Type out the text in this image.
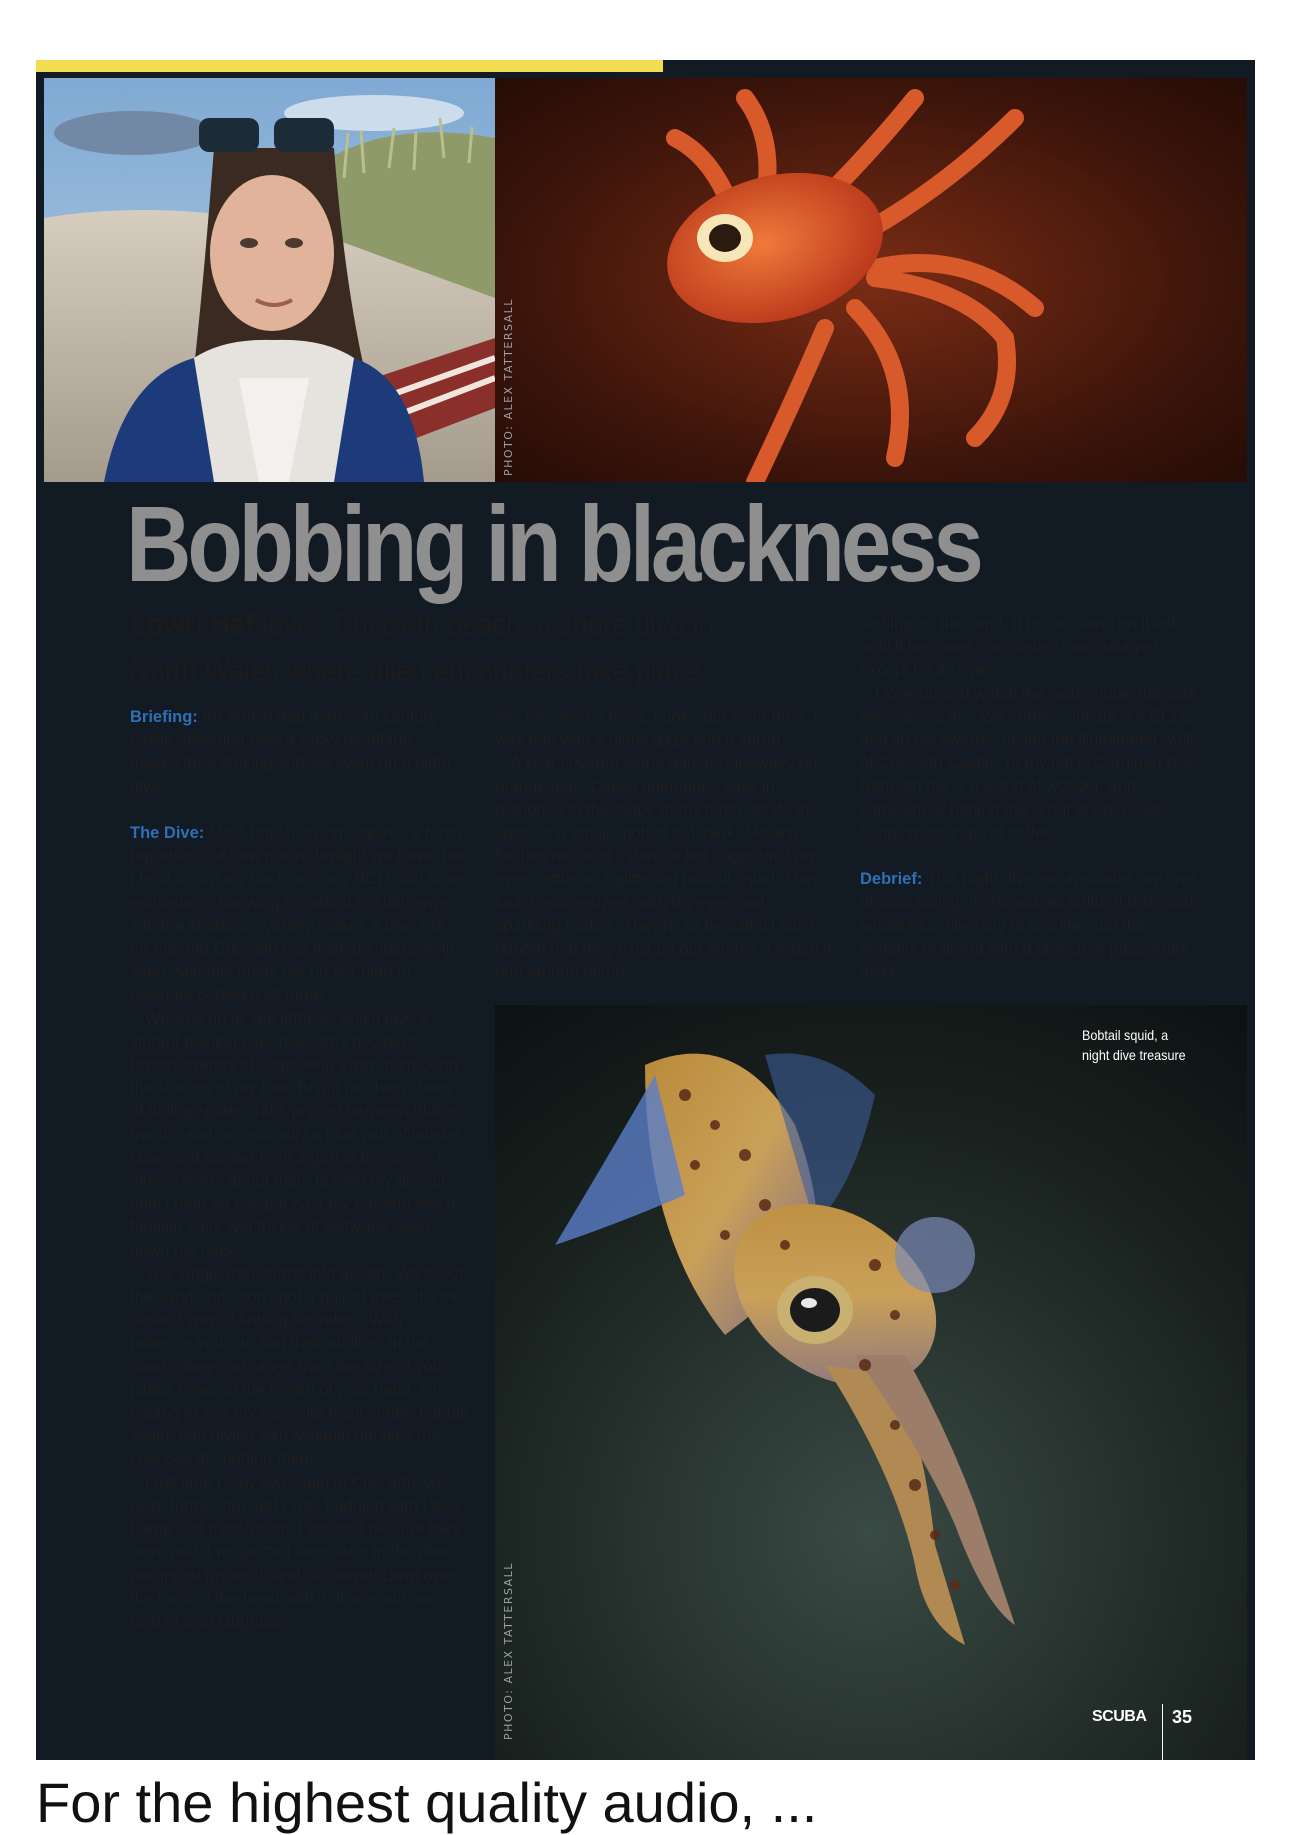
PHOTO: ALEX TATTERSALL
Bobbing in blackness

Lowri Haf loves Criccieth beach, a shore dive in North Wales where alien encounters take place

Briefing: An illuminated thirteenth century castle, towering over a rocky headland, makes for a striking surface swim on a night dive.

The Dive: Most British diving requires a torch regardless of how much daylight we have, but I tend to clip my torch onto my BCD with more enthusiasm knowing I'm about to submerge into the shadows. Variety makes a dive site for me and Criccieth has it all: boulders, kelp, sand. Melanie briefs me on her plan to navigate between all three.

We sink on to sea lettuce, which lays a vibrant blanket over blue-grey boulders. Brown strands of sugar kelp sway, mimicking the strands of my hair. Bright pinching claws of hiding spider crabs pop up between ribbon fronds, and occasionally a blue pair of lobster claws will appear from a gap in the crags. I almost worry about them tearing my drysuit, until I hear air escape past my ear and feel a familiar cold, wet trickle of saltwater seep down my neck.

The jungle transforms into desert. We scour the sand and soon spot a pair of eyes. It's the easiest way of finding flounders. With patience you can find their outlines in the sand – they can range from the size of your pinkie finger to the length of your hand. I'm hoping to see my favourite night critter: bobtail squid, and diving with Melanie doubles my chances of spotting them.

Last time I saw two squid in Criccieth, we were further out and I was buddied with Dewi. Large and translucent, I couldn't be sure they were real. I re-spotted them later in the dive, unclipped my torch and clobbered Dewi over the back of the head with it. It was our own kind of sign language

for “I've seen a thing. Look!” but even then, I was met with a blank gaze and a shrug.

A kelp-covered stone dances sideways on orange legs. Dahlia anemones glow in response to the swipe of my torch, as do the spots of a small spotted catshark. Melanie flashes me, and I stare at her finger until my eyes settle on a glittering bobtail squid. They look figurine-sized, with big eyes and sparkling bodies. They're so beautiful I can't fathom that they exist on our shores. I watch it bob around before

settling on the sand. It tosses sand on itself until it becomes completely camouflaged except for its eyes.

I look up and watch the water ripple intricate lines above me. We surface, inflate our BCDs and fin backwards, facing the illuminated walls of Criccieth Castle. To my left is Cardigan Bay. Beneath me is a world of wonder, and somewhere behind me is our shore cover handing out cups of coffee.

Debrief: This night dive encapsulates my love of local diving. It showcases cultural-historical landmarks, diversity of sea life, and the benefits of diving with a branch of passionate divers.

PHOTO: ALEX TATTERSALL
Bobtail squid, a
night dive treasure
SCUBA 35
For the highest quality audio, ...
